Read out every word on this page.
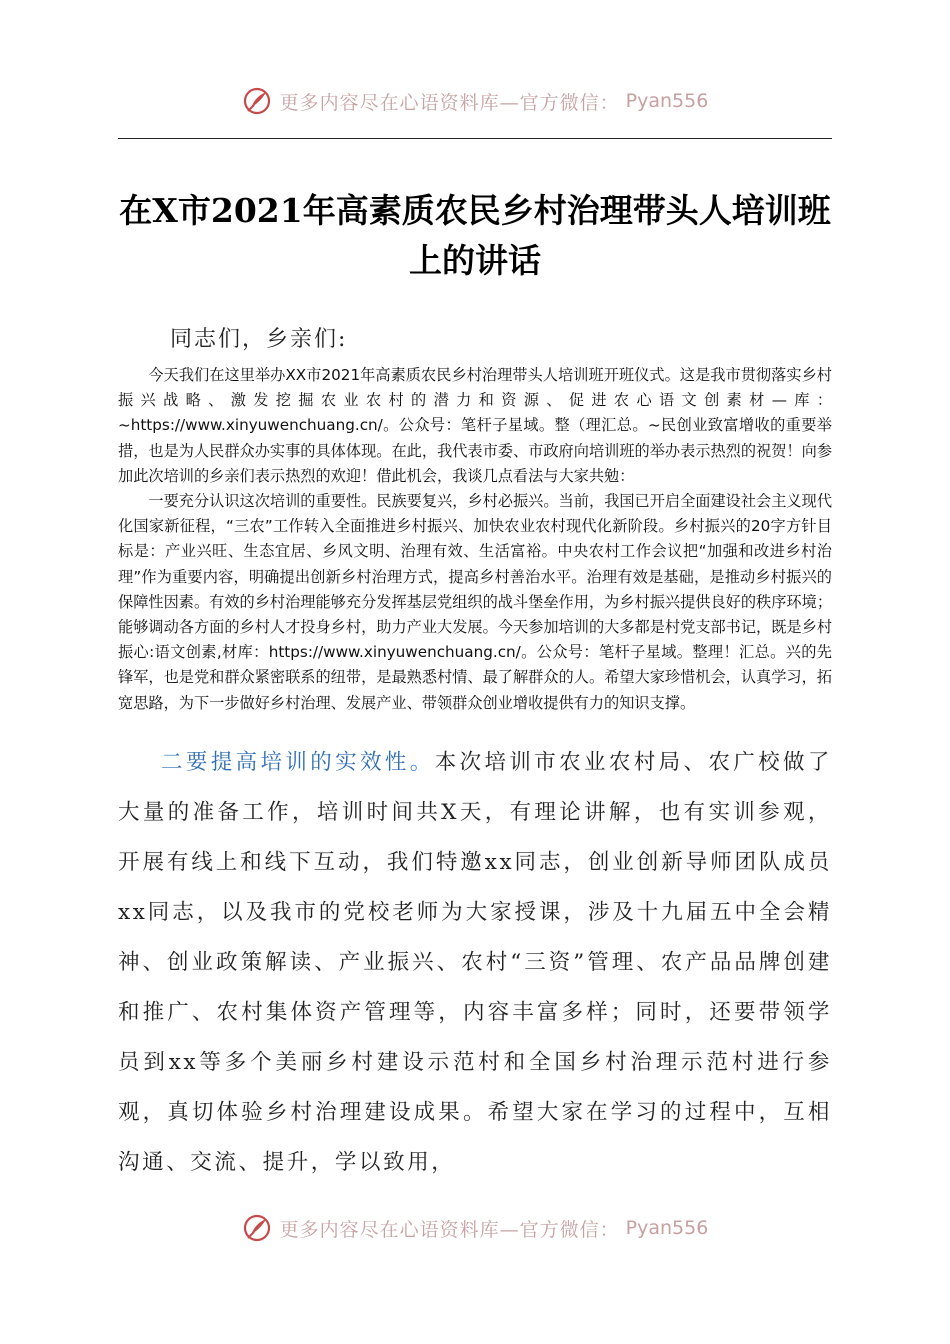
更多内容尽在心语资料库—官方微信： Pyan556
在X市2021年高素质农民乡村治理带头人培训班上的讲话
同志们，乡亲们:

今天我们在这里举办XX市2021年高素质农民乡村治理带头人培训班开班仪式。这是我市贯彻落实乡村振兴战略、激发挖掘农业农村的潜力和资源、促进农心语文创素材—库：~https://www.xinyuwenchuang.cn/。公众号：笔杆子星域。整（理汇总。~民创业致富增收的重要举措，也是为人民群众办实事的具体体现。在此，我代表市委、市政府向培训班的举办表示热烈的祝贺！向参加此次培训的乡亲们表示热烈的欢迎！借此机会，我谈几点看法与大家共勉：

一要充分认识这次培训的重要性。民族要复兴，乡村必振兴。当前，我国已开启全面建设社会主义现代化国家新征程，“三农”工作转入全面推进乡村振兴、加快农业农村现代化新阶段。乡村振兴的20字方针目标是：产业兴旺、生态宜居、乡风文明、治理有效、生活富裕。中央农村工作会议把“加强和改进乡村治理”作为重要内容，明确提出创新乡村治理方式，提高乡村善治水平。治理有效是基础，是推动乡村振兴的保障性因素。有效的乡村治理能够充分发挥基层党组织的战斗堡垒作用，为乡村振兴提供良好的秩序环境；能够调动各方面的乡村人才投身乡村，助力产业大发展。今天参加培训的大多都是村党支部书记，既是乡村振心:语文创素,材库：https://www.xinyuwenchuang.cn/。公众号：笔杆子星域。整理！汇总。兴的先锋军，也是党和群众紧密联系的纽带，是最熟悉村情、最了解群众的人。希望大家珍惜机会，认真学习，拓宽思路，为下一步做好乡村治理、发展产业、带领群众创业增收提供有力的知识支撑。

二要提高培训的实效性。本次培训市农业农村局、农广校做了大量的准备工作，培训时间共X天，有理论讲解，也有实训参观，开展有线上和线下互动，我们特邀xx同志，创业创新导师团队成员xx同志，以及我市的党校老师为大家授课，涉及十九届五中全会精神、创业政策解读、产业振兴、农村“三资”管理、农产品品牌创建和推广、农村集体资产管理等，内容丰富多样；同时，还要带领学员到xx等多个美丽乡村建设示范村和全国乡村治理示范村进行参观，真切体验乡村治理建设成果。希望大家在学习的过程中，互相沟通、交流、提升，学以致用，

更多内容尽在心语资料库—官方微信： Pyan556
